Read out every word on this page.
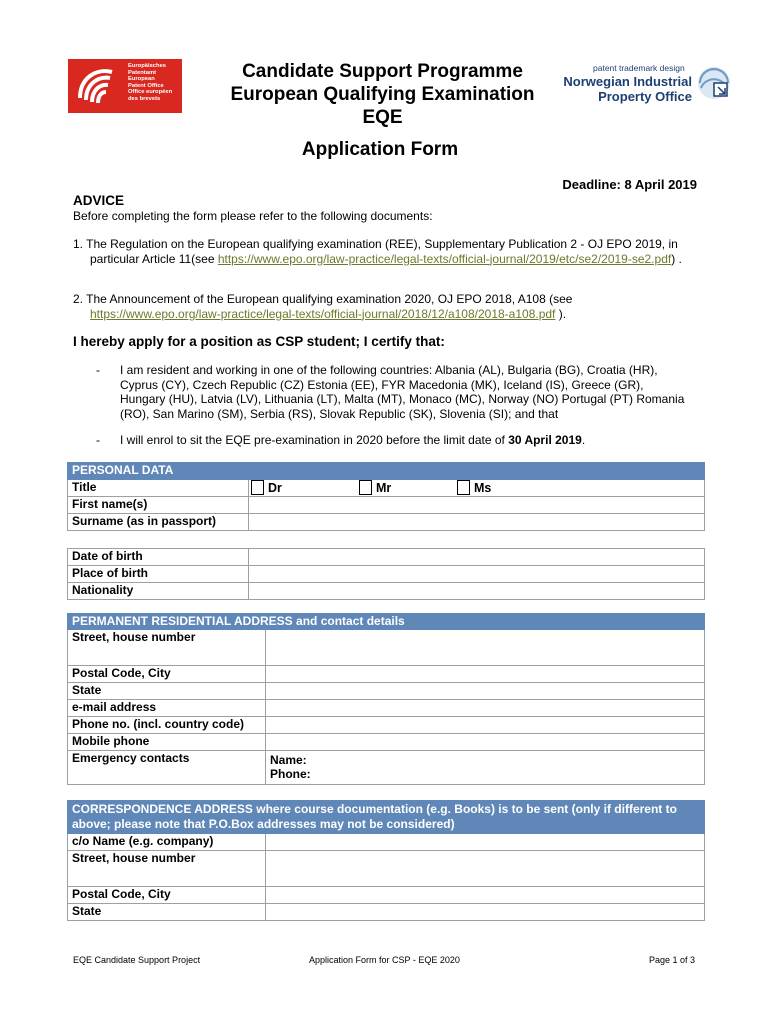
Europäisches
Patentamt
European
Patent Office
Office européen
des brevets
Candidate Support Programme
European Qualifying Examination
EQE
patent trademark design
Norwegian Industrial
Property Office
Application Form
Deadline: 8 April 2019
ADVICE
Before completing the form please refer to the following documents:
1. The Regulation on the European qualifying examination (REE), Supplementary Publication 2 - OJ EPO 2019, in particular Article 11(see https://www.epo.org/law-practice/legal-texts/official-journal/2019/etc/se2/2019-se2.pdf) .
2. The Announcement of the European qualifying examination 2020, OJ EPO 2018, A108 (see
https://www.epo.org/law-practice/legal-texts/official-journal/2018/12/a108/2018-a108.pdf ).
I hereby apply for a position as CSP student; I certify that:
- I am resident and working in one of the following countries: Albania (AL), Bulgaria (BG), Croatia (HR), Cyprus (CY), Czech Republic (CZ) Estonia (EE), FYR Macedonia (MK), Iceland (IS), Greece (GR), Hungary (HU), Latvia (LV), Lithuania (LT), Malta (MT), Monaco (MC), Norway (NO) Portugal (PT) Romania (RO), San Marino (SM), Serbia (RS), Slovak Republic (SK), Slovenia (SI); and that
- I will enrol to sit the EQE pre-examination in 2020 before the limit date of 30 April 2019.
PERSONAL DATA	
Title	Dr Mr Ms

First name(s)	
Surname (as in passport)	
Date of birth	
Place of birth	
Nationality	
PERMANENT RESIDENTIAL ADDRESS and contact details	
Street, house number	
Postal Code, City	
State	
e-mail address	
Phone no. (incl. country code)	
Mobile phone	
Emergency contacts	Name:
Phone:
CORRESPONDENCE ADDRESS where course documentation (e.g. Books) is to be sent (only if different to above; please note that P.O.Box addresses may not be considered)	
c/o Name (e.g. company)	
Street, house number	
Postal Code, City	
State	
EQE Candidate Support Project	Application Form for CSP - EQE 2020	Page 1 of 3
